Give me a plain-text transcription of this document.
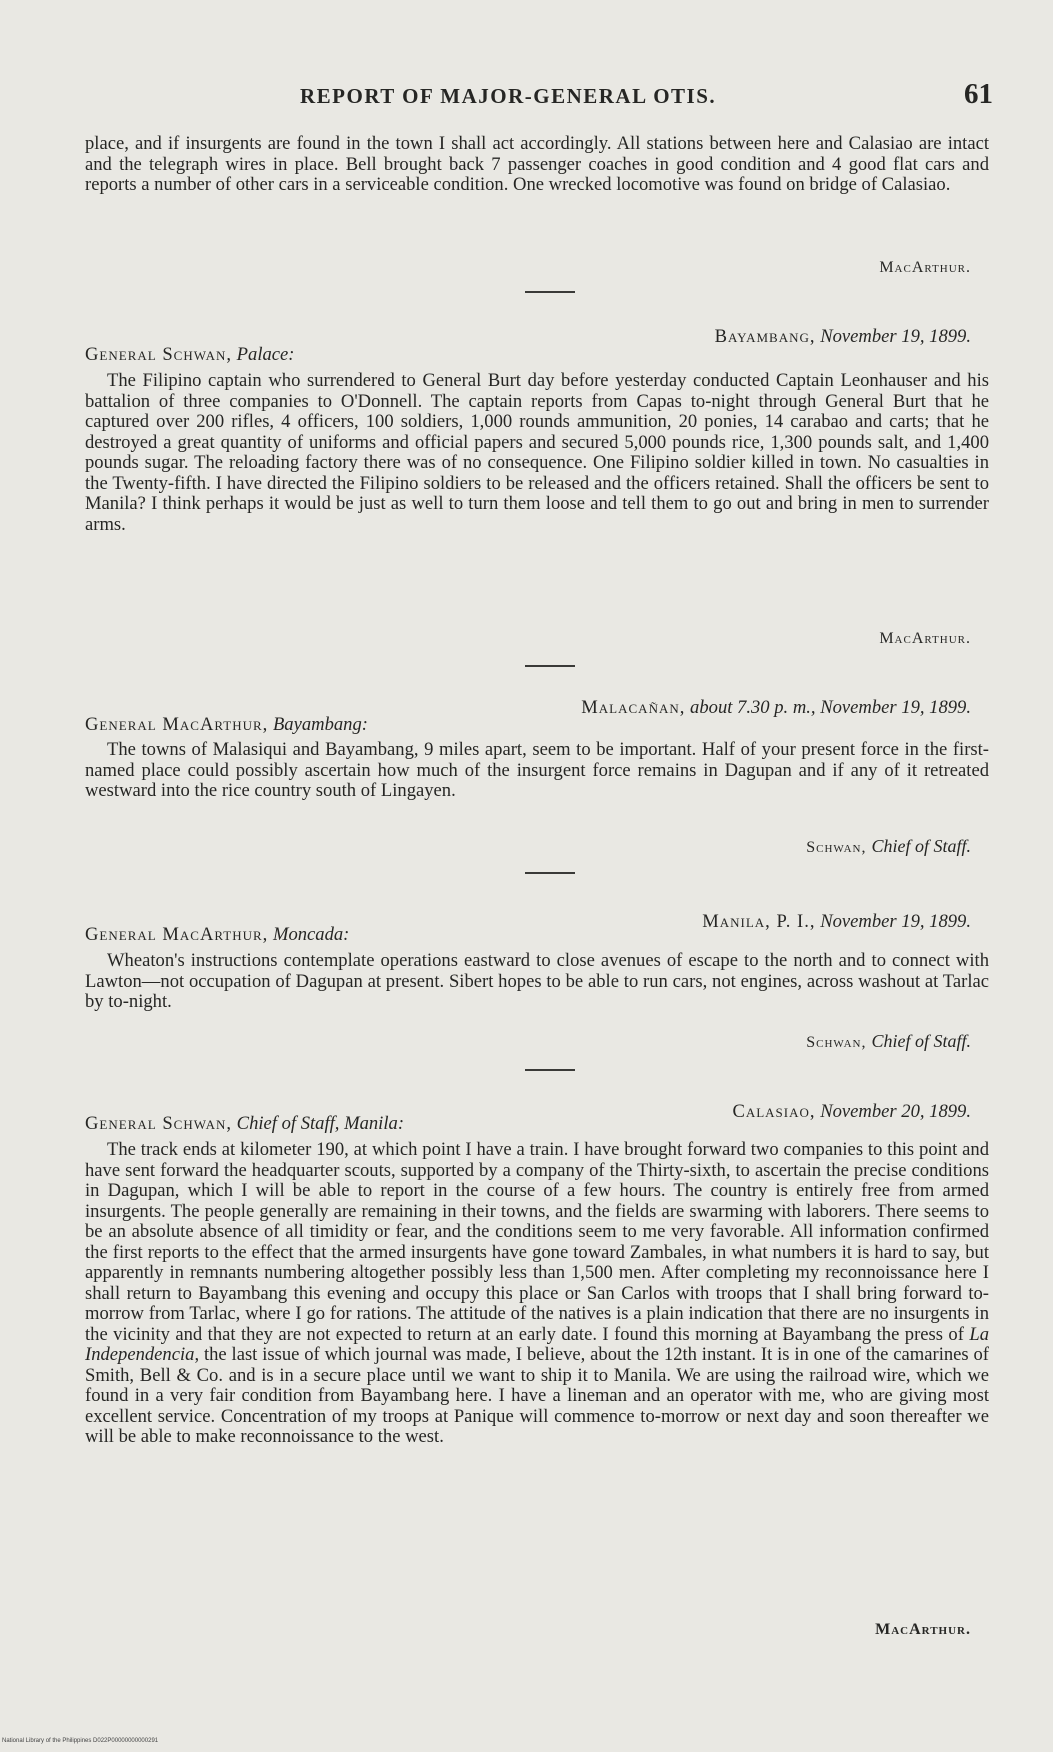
REPORT OF MAJOR-GENERAL OTIS.	61

place, and if insurgents are found in the town I shall act accordingly. All stations between here and Calasiao are intact and the telegraph wires in place. Bell brought back 7 passenger coaches in good condition and 4 good flat cars and reports a number of other cars in a serviceable condition. One wrecked locomotive was found on bridge of Calasiao.

MacArthur.
Bayambang, November 19, 1899.
General Schwan, Palace:

The Filipino captain who surrendered to General Burt day before yesterday conducted Captain Leonhauser and his battalion of three companies to O'Donnell. The captain reports from Capas to-night through General Burt that he captured over 200 rifles, 4 officers, 100 soldiers, 1,000 rounds ammunition, 20 ponies, 14 carabao and carts; that he destroyed a great quantity of uniforms and official papers and secured 5,000 pounds rice, 1,300 pounds salt, and 1,400 pounds sugar. The reloading factory there was of no consequence. One Filipino soldier killed in town. No casualties in the Twenty-fifth. I have directed the Filipino soldiers to be released and the officers retained. Shall the officers be sent to Manila? I think perhaps it would be just as well to turn them loose and tell them to go out and bring in men to surrender arms.

MacArthur.
Malacañan, about 7.30 p. m., November 19, 1899.
General MacArthur, Bayambang:

The towns of Malasiqui and Bayambang, 9 miles apart, seem to be important. Half of your present force in the first-named place could possibly ascertain how much of the insurgent force remains in Dagupan and if any of it retreated westward into the rice country south of Lingayen.

Schwan, Chief of Staff.
Manila, P. I., November 19, 1899.
General MacArthur, Moncada:

Wheaton's instructions contemplate operations eastward to close avenues of escape to the north and to connect with Lawton—not occupation of Dagupan at present. Sibert hopes to be able to run cars, not engines, across washout at Tarlac by to-night.

Schwan, Chief of Staff.
Calasiao, November 20, 1899.
General Schwan, Chief of Staff, Manila:

The track ends at kilometer 190, at which point I have a train. I have brought forward two companies to this point and have sent forward the headquarter scouts, supported by a company of the Thirty-sixth, to ascertain the precise conditions in Dagupan, which I will be able to report in the course of a few hours. The country is entirely free from armed insurgents. The people generally are remaining in their towns, and the fields are swarming with laborers. There seems to be an absolute absence of all timidity or fear, and the conditions seem to me very favorable. All information confirmed the first reports to the effect that the armed insurgents have gone toward Zambales, in what numbers it is hard to say, but apparently in remnants numbering altogether possibly less than 1,500 men. After completing my reconnoissance here I shall return to Bayambang this evening and occupy this place or San Carlos with troops that I shall bring forward to-morrow from Tarlac, where I go for rations. The attitude of the natives is a plain indication that there are no insurgents in the vicinity and that they are not expected to return at an early date. I found this morning at Bayambang the press of La Independencia, the last issue of which journal was made, I believe, about the 12th instant. It is in one of the camarines of Smith, Bell & Co. and is in a secure place until we want to ship it to Manila. We are using the railroad wire, which we found in a very fair condition from Bayambang here. I have a lineman and an operator with me, who are giving most excellent service. Concentration of my troops at Panique will commence to-morrow or next day and soon thereafter we will be able to make reconnoissance to the west.

MacArthur.
National Library of the Philippines D022P00000000000291
